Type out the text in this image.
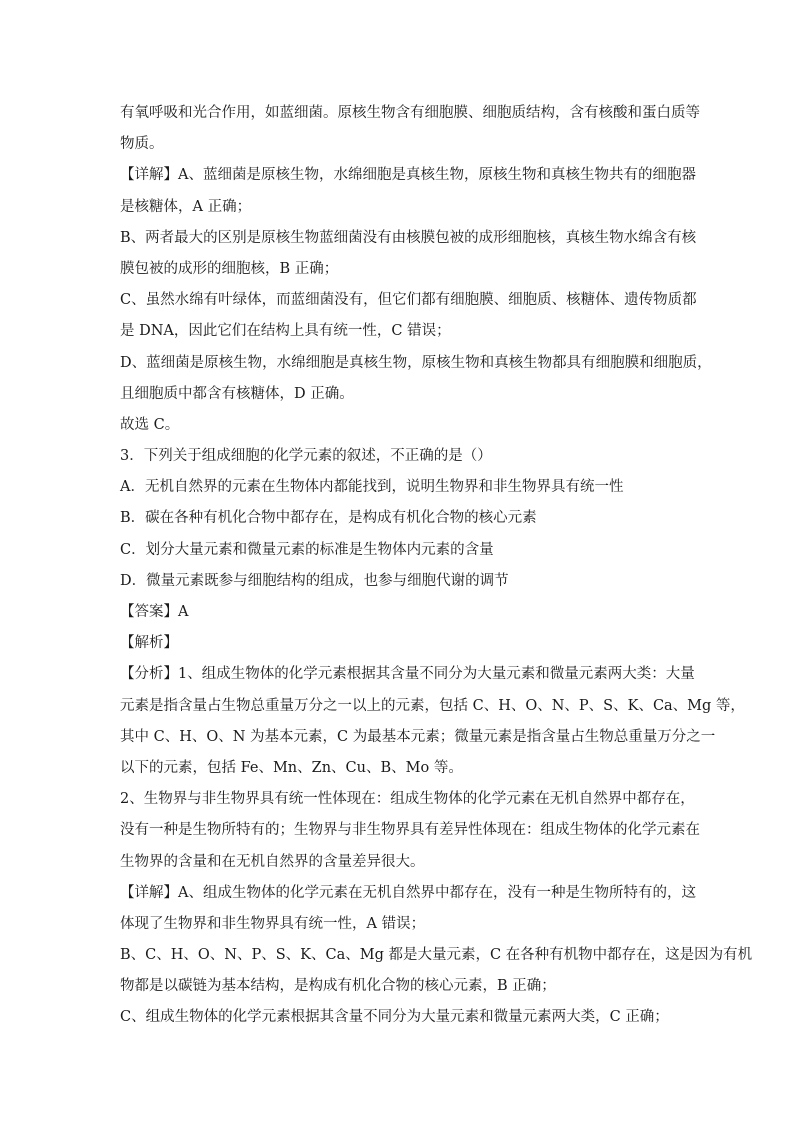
有氧呼吸和光合作用，如蓝细菌。原核生物含有细胞膜、细胞质结构，含有核酸和蛋白质等
物质。
【详解】A、蓝细菌是原核生物，水绵细胞是真核生物，原核生物和真核生物共有的细胞器
是核糖体，A 正确；
B、两者最大的区别是原核生物蓝细菌没有由核膜包被的成形细胞核，真核生物水绵含有核
膜包被的成形的细胞核，B 正确；
C、虽然水绵有叶绿体，而蓝细菌没有，但它们都有细胞膜、细胞质、核糖体、遗传物质都
是 DNA，因此它们在结构上具有统一性，C 错误；
D、蓝细菌是原核生物，水绵细胞是真核生物，原核生物和真核生物都具有细胞膜和细胞质，
且细胞质中都含有核糖体，D 正确。
故选 C。
3．下列关于组成细胞的化学元素的叙述，不正确的是（）
A．无机自然界的元素在生物体内都能找到，说明生物界和非生物界具有统一性
B．碳在各种有机化合物中都存在，是构成有机化合物的核心元素
C．划分大量元素和微量元素的标准是生物体内元素的含量
D．微量元素既参与细胞结构的组成，也参与细胞代谢的调节
【答案】A
【解析】
【分析】1、组成生物体的化学元素根据其含量不同分为大量元素和微量元素两大类：大量
元素是指含量占生物总重量万分之一以上的元素，包括 C、H、O、N、P、S、K、Ca、Mg 等，
其中 C、H、O、N 为基本元素，C 为最基本元素；微量元素是指含量占生物总重量万分之一
以下的元素，包括 Fe、Mn、Zn、Cu、B、Mo 等。
2、生物界与非生物界具有统一性体现在：组成生物体的化学元素在无机自然界中都存在，
没有一种是生物所特有的；生物界与非生物界具有差异性体现在：组成生物体的化学元素在
生物界的含量和在无机自然界的含量差异很大。
【详解】A、组成生物体的化学元素在无机自然界中都存在，没有一种是生物所特有的，这
体现了生物界和非生物界具有统一性，A 错误；
B、C、H、O、N、P、S、K、Ca、Mg 都是大量元素，C 在各种有机物中都存在，这是因为有机
物都是以碳链为基本结构，是构成有机化合物的核心元素，B 正确；
C、组成生物体的化学元素根据其含量不同分为大量元素和微量元素两大类，C 正确；
